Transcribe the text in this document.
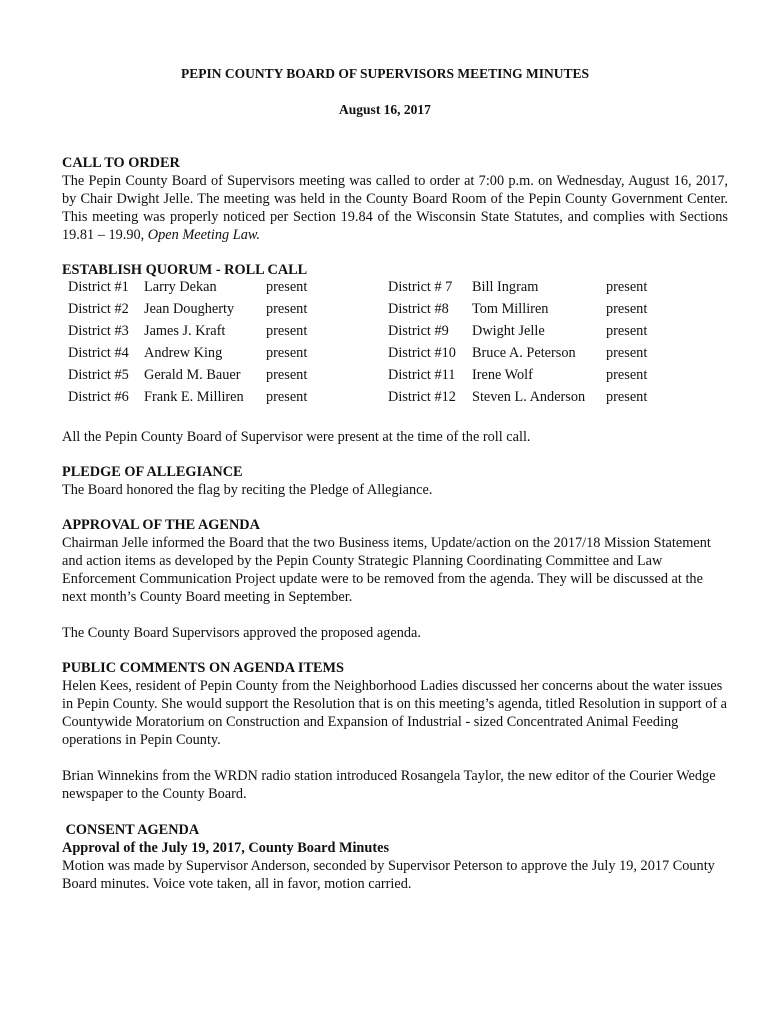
PEPIN COUNTY BOARD OF SUPERVISORS MEETING MINUTES
August 16, 2017
CALL TO ORDER
The Pepin County Board of Supervisors meeting was called to order at 7:00 p.m. on Wednesday, August 16, 2017, by Chair Dwight Jelle. The meeting was held in the County Board Room of the Pepin County Government Center. This meeting was properly noticed per Section 19.84 of the Wisconsin State Statutes, and complies with Sections 19.81 – 19.90, Open Meeting Law.
ESTABLISH QUORUM - ROLL CALL
District #1 Larry Dekan	present	District # 7 Bill Ingram	present
District #2 Jean Dougherty present	District #8 Tom Milliren	present
District #3 James J. Kraft	present	District #9 Dwight Jelle	present
District #4 Andrew King	present	District #10 Bruce A. Peterson present
District #5 Gerald M. Bauer present	District #11 Irene Wolf	present
District #6 Frank E. Milliren present	District #12 Steven L. Anderson present
All the Pepin County Board of Supervisor were present at the time of the roll call.
PLEDGE OF ALLEGIANCE
The Board honored the flag by reciting the Pledge of Allegiance.
APPROVAL OF THE AGENDA
Chairman Jelle informed the Board that the two Business items, Update/action on the 2017/18 Mission Statement and action items as developed by the Pepin County Strategic Planning Coordinating Committee and Law Enforcement Communication Project update were to be removed from the agenda. They will be discussed at the next month’s County Board meeting in September.
The County Board Supervisors approved the proposed agenda.
PUBLIC COMMENTS ON AGENDA ITEMS
Helen Kees, resident of Pepin County from the Neighborhood Ladies discussed her concerns about the water issues in Pepin County. She would support the Resolution that is on this meeting’s agenda, titled Resolution in support of a Countywide Moratorium on Construction and Expansion of Industrial - sized Concentrated Animal Feeding operations in Pepin County.
Brian Winnekins from the WRDN radio station introduced Rosangela Taylor, the new editor of the Courier Wedge newspaper to the County Board.
CONSENT AGENDA
Approval of the July 19, 2017, County Board Minutes
Motion was made by Supervisor Anderson, seconded by Supervisor Peterson to approve the July 19, 2017 County Board minutes. Voice vote taken, all in favor, motion carried.
